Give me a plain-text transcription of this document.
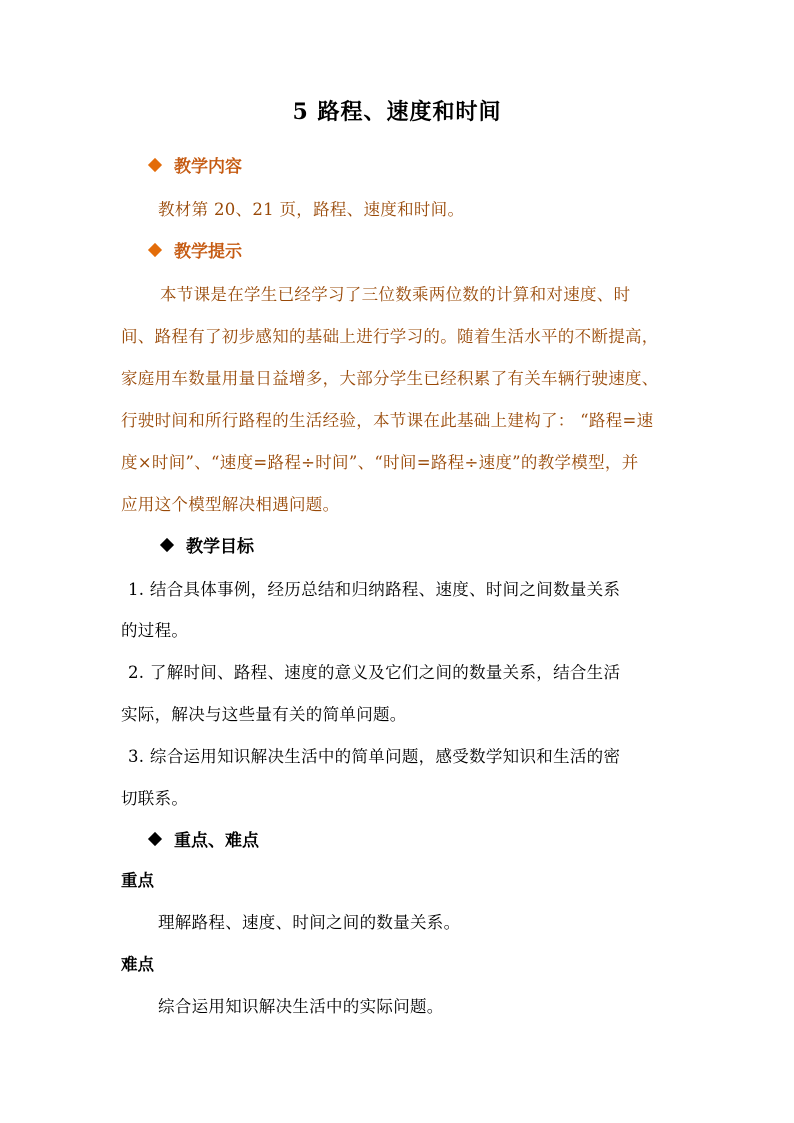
5 路程、速度和时间
教学内容
教材第 20、21 页，路程、速度和时间。
教学提示
本节课是在学生已经学习了三位数乘两位数的计算和对速度、时
间、路程有了初步感知的基础上进行学习的。随着生活水平的不断提高，
家庭用车数量用量日益增多，大部分学生已经积累了有关车辆行驶速度、
行驶时间和所行路程的生活经验，本节课在此基础上建构了： “路程=速
度×时间”、“速度=路程÷时间”、“时间=路程÷速度”的教学模型，并
应用这个模型解决相遇问题。
教学目标
1. 结合具体事例，经历总结和归纳路程、速度、时间之间数量关系
的过程。
2. 了解时间、路程、速度的意义及它们之间的数量关系，结合生活
实际，解决与这些量有关的简单问题。
3. 综合运用知识解决生活中的简单问题，感受数学知识和生活的密
切联系。
重点、难点
重点
理解路程、速度、时间之间的数量关系。
难点
综合运用知识解决生活中的实际问题。
